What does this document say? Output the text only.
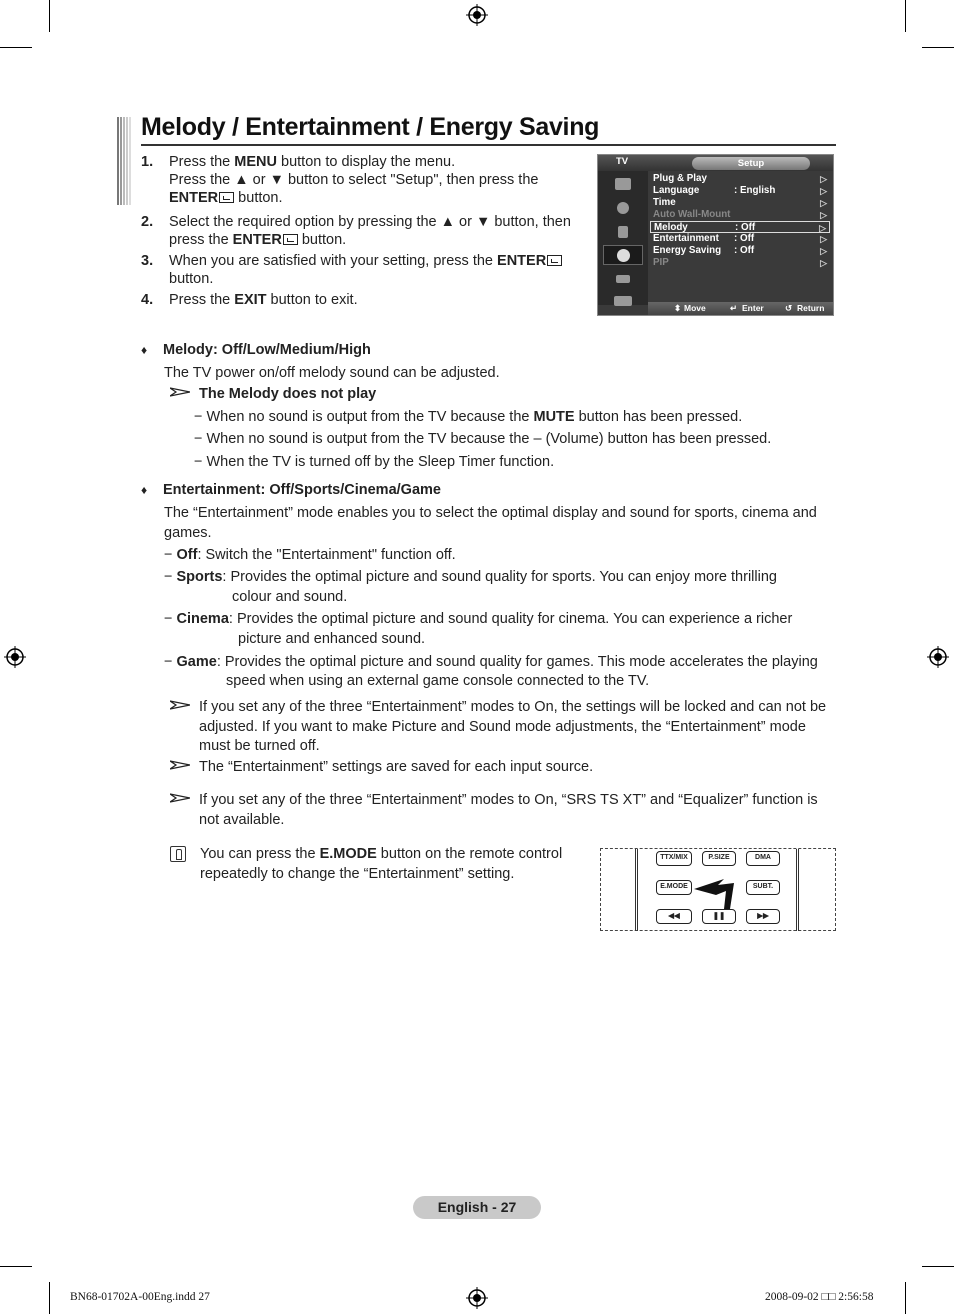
Melody / Entertainment / Energy Saving
1.	Press the MENU button to display the menu.
Press the ▲ or ▼ button to select "Setup", then press the
ENTER button.
2.	Select the required option by pressing the ▲ or ▼ button, then press the ENTER button.
3.	When you are satisfied with your setting, press the ENTER button.
4.	Press the EXIT button to exit.
TV	Setup
Plug & Play	▷
Language	: English	▷
Time	▷
Auto Wall-Mount	▷
Melody	: Off	▷
Entertainment : Off	▷
Energy Saving : Off	▷
PIP	▷
⬍ Move	↵ Enter	↺ Return
♦ Melody: Off/Low/Medium/High
The TV power on/off melody sound can be adjusted.
The Melody does not play
− When no sound is output from the TV because the MUTE button has been pressed.
− When no sound is output from the TV because the – (Volume) button has been pressed.
− When the TV is turned off by the Sleep Timer function.
♦ Entertainment: Off/Sports/Cinema/Game
The “Entertainment” mode enables you to select the optimal display and sound for sports, cinema and games.
− Off: Switch the "Entertainment" function off.
− Sports: Provides the optimal picture and sound quality for sports. You can enjoy more thrilling
colour and sound.
− Cinema: Provides the optimal picture and sound quality for cinema. You can experience a richer
picture and enhanced sound.
− Game: Provides the optimal picture and sound quality for games. This mode accelerates the playing
speed when using an external game console connected to the TV.
If you set any of the three “Entertainment” modes to On, the settings will be locked and can not be adjusted. If you want to make Picture and Sound mode adjustments, the “Entertainment” mode must be turned off.
The “Entertainment” settings are saved for each input source.
If you set any of the three “Entertainment” modes to On, “SRS TS XT” and “Equalizer” function is not available.
You can press the E.MODE button on the remote control repeatedly to change the “Entertainment” setting.
TTX/MIX	P.SIZE	DMA
E.MODE	SUBT.
◀◀	❚❚	▶▶
English - 27
BN68-01702A-00Eng.indd 27	2008-09-02 □□ 2:56:58
